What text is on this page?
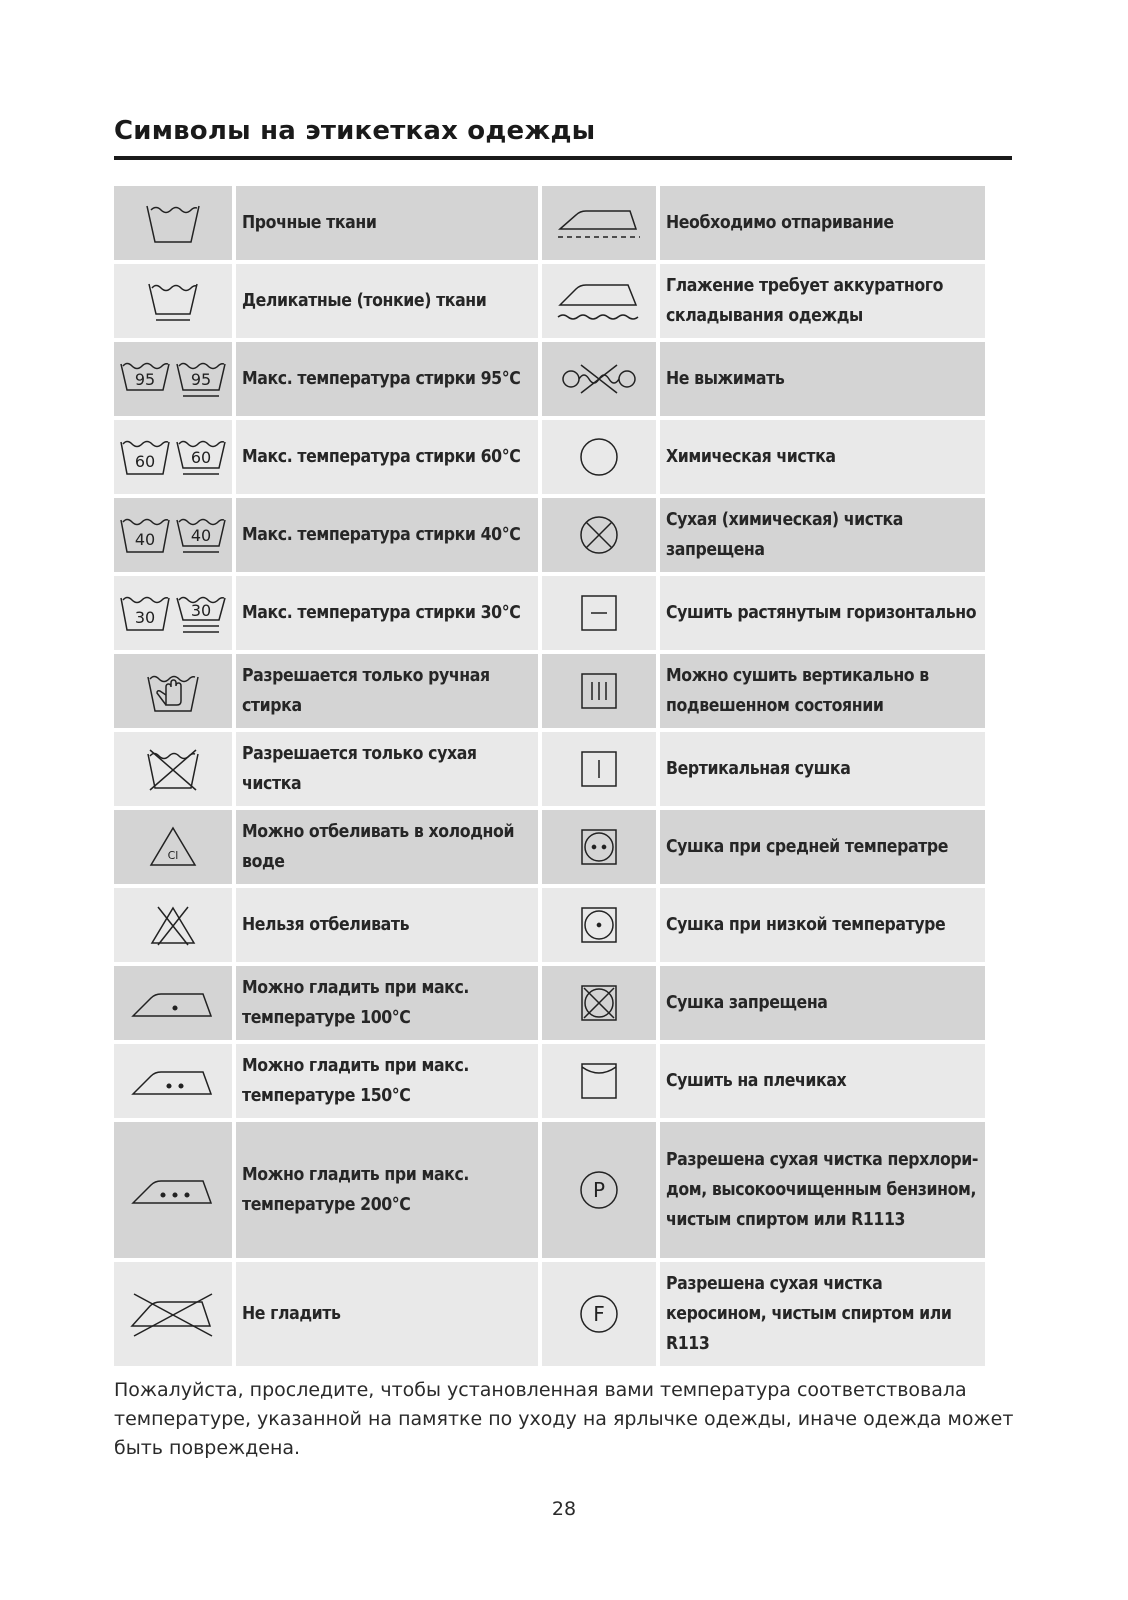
Символы на этикетках одежды

Прочные ткани		Необходимо отпаривание

Деликатные (тонкие) ткани		Глажение требует аккуратного складывания одежды

95 95	Макс. температура стирки 95°C		Не выжимать

60 60	Макс. температура стирки 60°C		Химическая чистка

40 40	Макс. температура стирки 40°C		Сухая (химическая) чистка запрещена

30 30	Макс. температура стирки 30°C		Сушить растянутым горизонтально

Разрешается только ручная стирка		Можно сушить вертикально в подвешенном состоянии

Разрешается только сухая чистка		Вертикальная сушка

Cl	Можно отбеливать в холодной воде		Сушка при средней температре

Нельзя отбеливать		Сушка при низкой температуре

Можно гладить при макс. температуре 100°C		Сушка запрещена

Можно гладить при макс. температуре 150°C		Сушить на плечиках

Можно гладить при макс. температуре 200°C	P	Разрешена сухая чистка перхлори-дом, высокоочищенным бензином, чистым спиртом или R1113

Не гладить	F	Разрешена сухая чистка керосином, чистым спиртом или R113

Пожалуйста, проследите, чтобы установленная вами температура соответствовала температуре, указанной на памятке по уходу на ярлычке одежды, иначе одежда может быть повреждена.

28
